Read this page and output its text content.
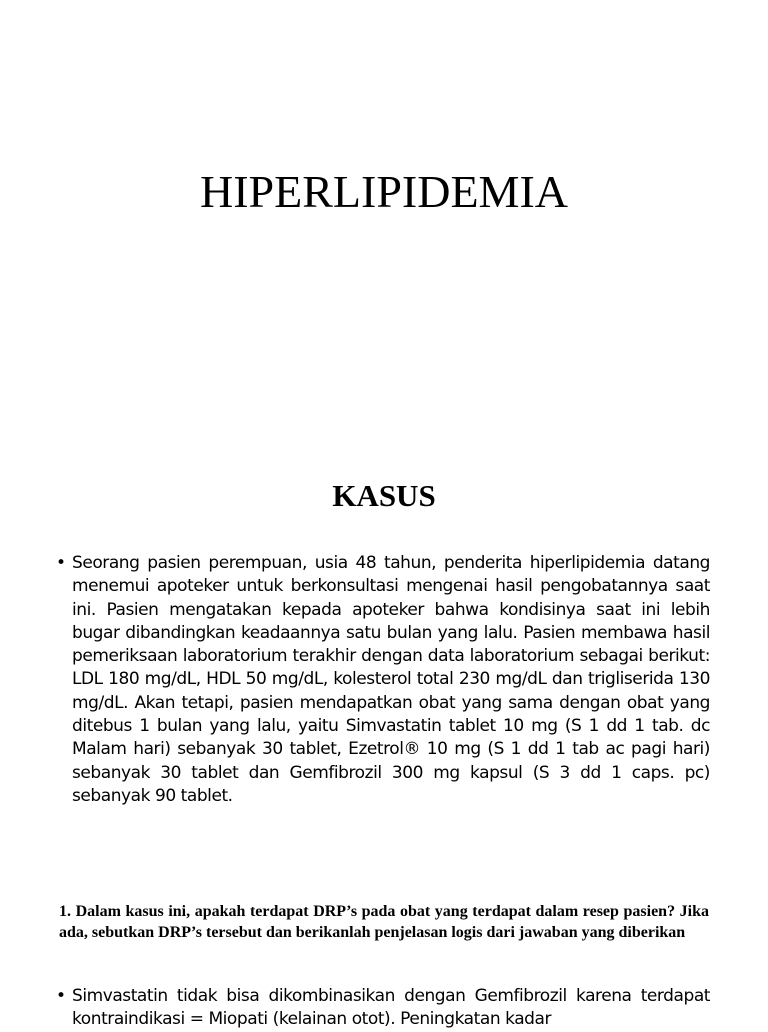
HIPERLIPIDEMIA
KASUS
• Seorang pasien perempuan, usia 48 tahun, penderita hiperlipidemia datang menemui apoteker untuk berkonsultasi mengenai hasil pengobatannya saat ini. Pasien mengatakan kepada apoteker bahwa kondisinya saat ini lebih bugar dibandingkan keadaannya satu bulan yang lalu. Pasien membawa hasil pemeriksaan laboratorium terakhir dengan data laboratorium sebagai berikut: LDL 180 mg/dL, HDL 50 mg/dL, kolesterol total 230 mg/dL dan trigliserida 130 mg/dL. Akan tetapi, pasien mendapatkan obat yang sama dengan obat yang ditebus 1 bulan yang lalu, yaitu Simvastatin tablet 10 mg (S 1 dd 1 tab. dc Malam hari) sebanyak 30 tablet, Ezetrol® 10 mg (S 1 dd 1 tab ac pagi hari) sebanyak 30 tablet dan Gemfibrozil 300 mg kapsul (S 3 dd 1 caps. pc) sebanyak 90 tablet.

1. Dalam kasus ini, apakah terdapat DRP’s pada obat yang terdapat dalam resep pasien? Jika ada, sebutkan DRP’s tersebut dan berikanlah penjelasan logis dari jawaban yang diberikan

• Simvastatin tidak bisa dikombinasikan dengan Gemfibrozil karena terdapat kontraindikasi = Miopati (kelainan otot). Peningkatan kadar
